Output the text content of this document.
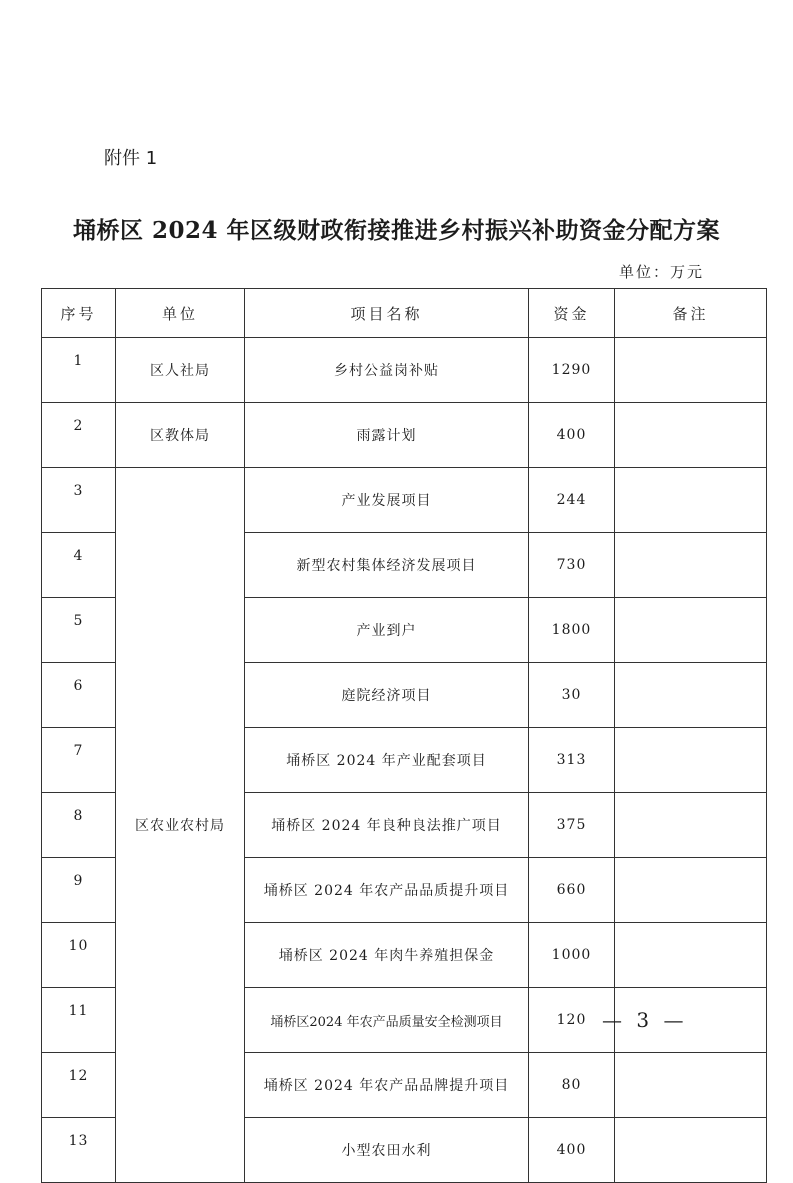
附件 1
埇桥区 2024 年区级财政衔接推进乡村振兴补助资金分配方案
单位：万元
序号	单位	项目名称	资金	备注
1	区人社局	乡村公益岗补贴	1290	
2	区教体局	雨露计划	400	
3	区农业农村局	产业发展项目	244	
4		新型农村集体经济发展项目	730	
5		产业到户	1800	
6		庭院经济项目	30	
7		埇桥区 2024 年产业配套项目	313	
8		埇桥区 2024 年良种良法推广项目	375	
9		埇桥区 2024 年农产品品质提升项目	660	
10		埇桥区 2024 年肉牛养殖担保金	1000	
11		埇桥区2024 年农产品质量安全检测项目	120	
12		埇桥区 2024 年农产品品牌提升项目	80	
13		小型农田水利	400	
— 3 —
